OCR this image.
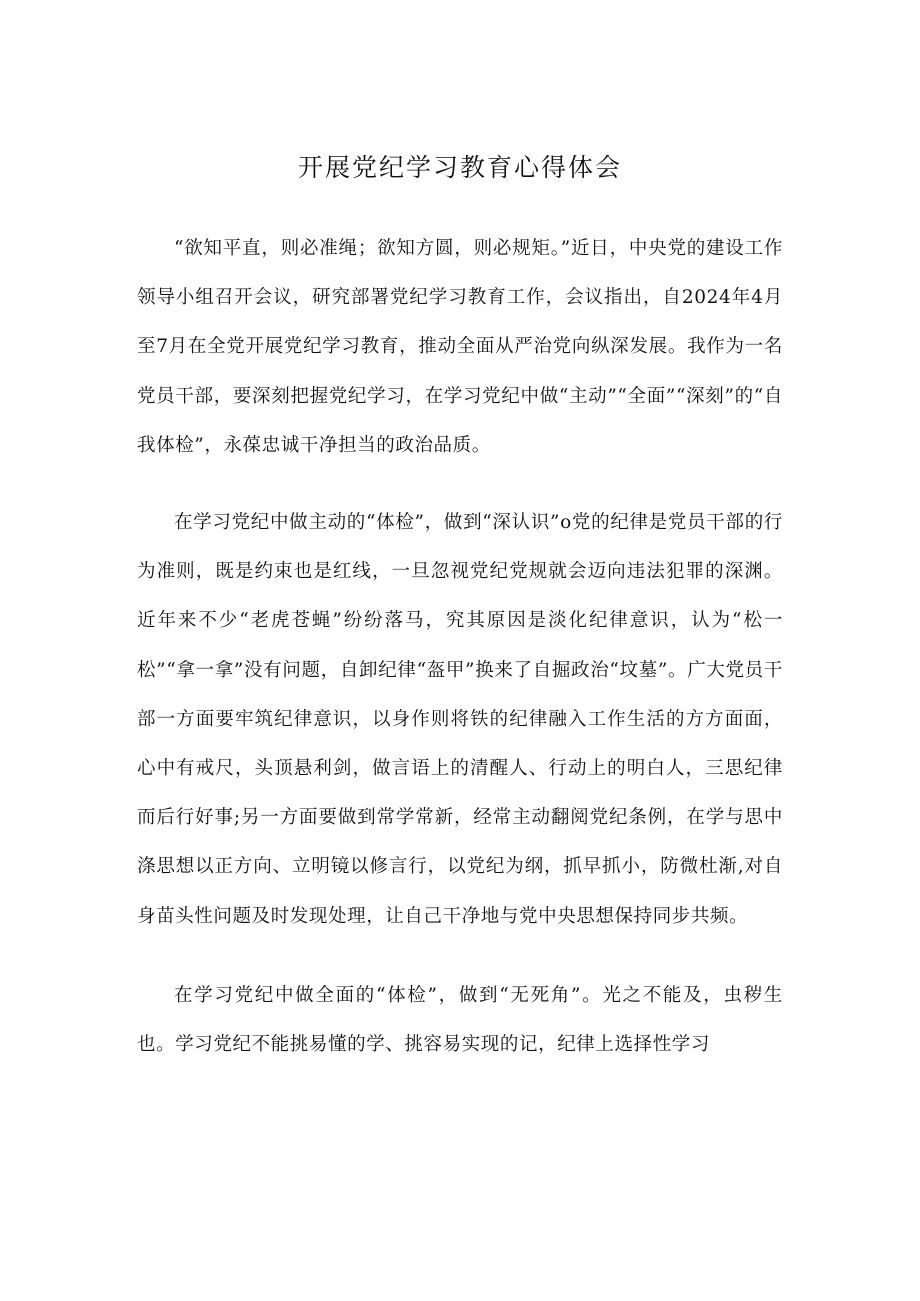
开展党纪学习教育心得体会

“欲知平直，则必准绳；欲知方圆，则必规矩。”近日，中央党的建设工作领导小组召开会议，研究部署党纪学习教育工作，会议指出，自2024年4月至7月在全党开展党纪学习教育，推动全面从严治党向纵深发展。我作为一名党员干部，要深刻把握党纪学习，在学习党纪中做“主动”“全面”“深刻”的“自我体检”，永葆忠诚干净担当的政治品质。

在学习党纪中做主动的“体检”，做到“深认识”o党的纪律是党员干部的行为准则，既是约束也是红线，一旦忽视党纪党规就会迈向违法犯罪的深渊。近年来不少“老虎苍蝇”纷纷落马，究其原因是淡化纪律意识，认为“松一松”“拿一拿”没有问题，自卸纪律“盔甲”换来了自掘政治“坟墓”。广大党员干部一方面要牢筑纪律意识，以身作则将铁的纪律融入工作生活的方方面面，心中有戒尺，头顶悬利剑，做言语上的清醒人、行动上的明白人，三思纪律而后行好事;另一方面要做到常学常新，经常主动翻阅党纪条例，在学与思中涤思想以正方向、立明镜以修言行，以党纪为纲，抓早抓小，防微杜渐,对自身苗头性问题及时发现处理，让自己干净地与党中央思想保持同步共频。

在学习党纪中做全面的“体检”，做到“无死角”。光之不能及，虫秽生也。学习党纪不能挑易懂的学、挑容易实现的记，纪律上选择性学习
